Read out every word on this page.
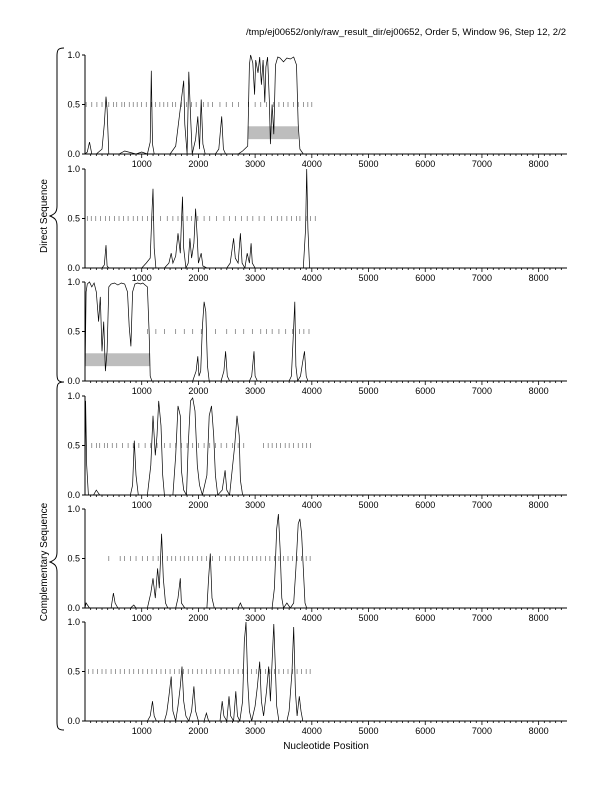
/tmp/ej00652/only/raw_result_dir/ej00652, Order 5, Window 96, Step 12, 2/2
Direct Sequence
Complementary Sequence
0.0
0.5
1.0
1000	2000	3000	4000	5000	6000	7000	8000
0.0
0.5
1.0
1000	2000	3000	4000	5000	6000	7000	8000
0.0
0.5
1.0
1000	2000	3000	4000	5000	6000	7000	8000
0.0
0.5
1.0
1000	2000	3000	4000	5000	6000	7000	8000
0.0
0.5
1.0
1000	2000	3000	4000	5000	6000	7000	8000
0.0
0.5
1.0
1000	2000	3000	4000	5000	6000	7000	8000
Nucleotide Position
